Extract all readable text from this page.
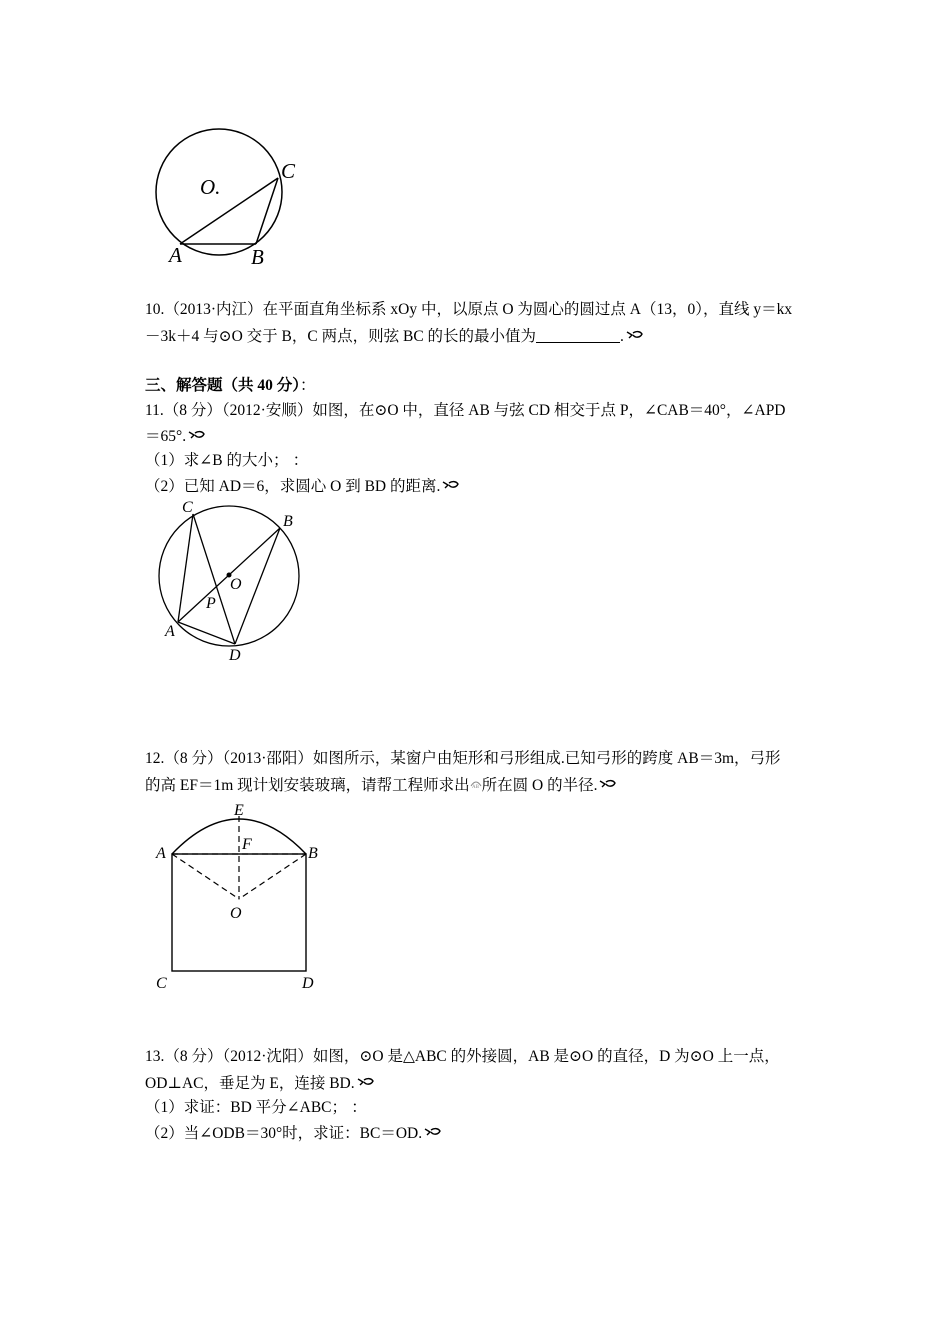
O.
C
A	B
10.（2013·内江）在平面直角坐标系 xOy 中，以原点 O 为圆心的圆过点 A（13，0），直线 y＝kx
－3k＋4 与⊙O 交于 B，C 两点，则弦 BC 的长的最小值为	.
三、解答题（共 40 分）：
11.（8 分）（2012·安顺）如图，在⊙O 中，直径 AB 与弦 CD 相交于点 P，∠CAB＝40°，∠APD
＝65°.
（1）求∠B 的大小； ：
（2）已知 AD＝6，求圆心 O 到 BD 的距离.
C
B
O
P
A
D
12.（8 分）（2013·邵阳）如图所示，某窗户由矩形和弓形组成.已知弓形的跨度 AB＝3m，弓形
的高 EF＝1m 现计划安装玻璃，请帮工程师求出 AB 所在圆 O 的半径.
E
F
A	B
O
C	D
13.（8 分）（2012·沈阳）如图，⊙O 是△ABC 的外接圆，AB 是⊙O 的直径，D 为⊙O 上一点，
OD⊥AC，垂足为 E，连接 BD.
（1）求证：BD 平分∠ABC； ：
（2）当∠ODB＝30°时，求证：BC＝OD.
